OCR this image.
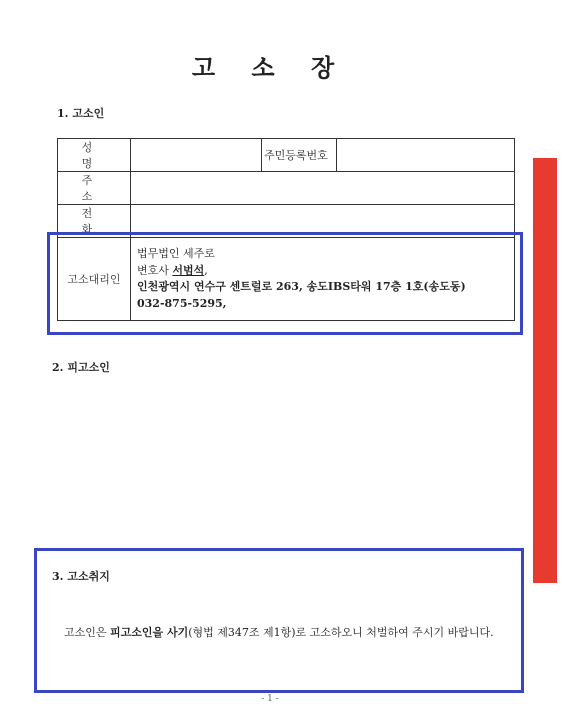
고 소 장
1. 고소인
성 명		주민등록번호	
주 소			
전 화			
고소대리인	법무법인 세주로
변호사 서범석,
인천광역시 연수구 센트럴로 263, 송도IBS타워 17층 1호(송도동)
032-875-5295,		
2. 피고소인
3. 고소취지
고소인은 피고소인을 사기(형법 제347조 제1항)로 고소하오니 처벌하여 주시기 바랍니다.
- 1 -
